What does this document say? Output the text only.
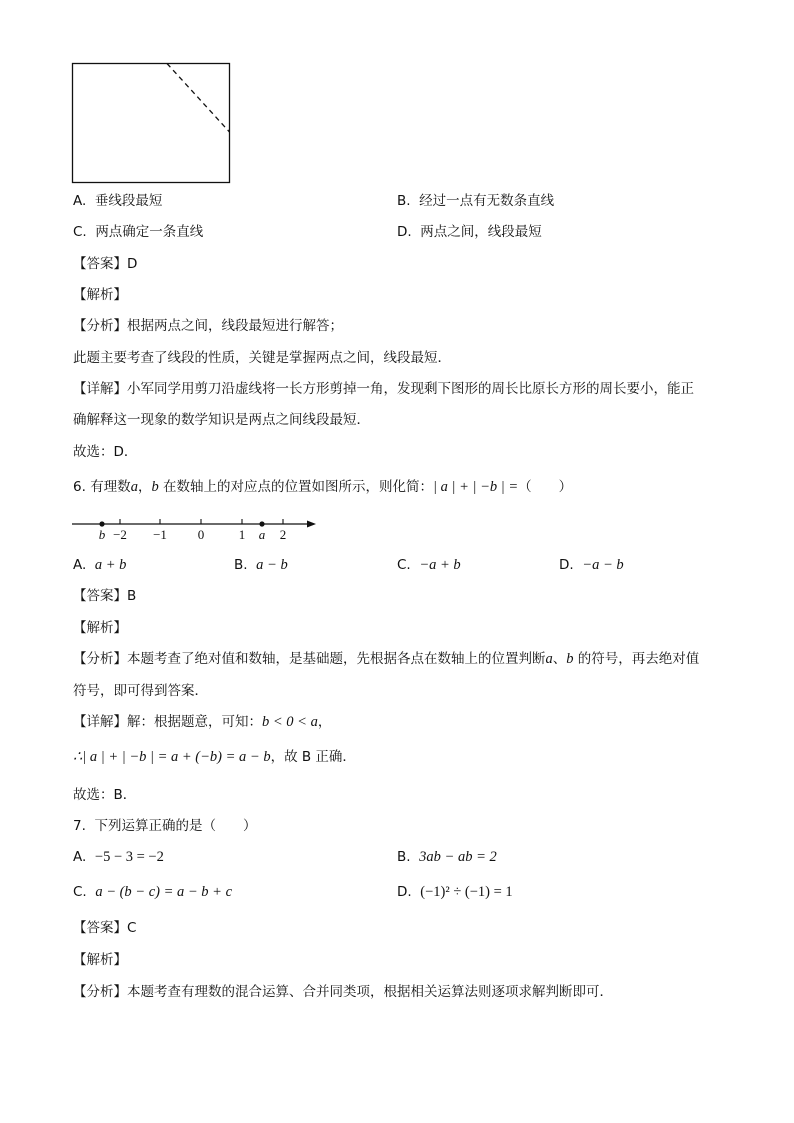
A. 垂线段最短	B. 经过一点有无数条直线
C. 两点确定一条直线	D. 两点之间，线段最短
【答案】D
【解析】
【分析】根据两点之间，线段最短进行解答；
此题主要考查了线段的性质，关键是掌握两点之间，线段最短．
【详解】小军同学用剪刀沿虚线将一长方形剪掉一角，发现剩下图形的周长比原长方形的周长要小，能正
确解释这一现象的数学知识是两点之间线段最短．
故选：D．
6. 有理数a，b 在数轴上的对应点的位置如图所示，则化简：| a | + | −b | =（　　）
b −2 −1 0	1 a 2
A. a + b	B. a − b	C. −a + b	D. −a − b
【答案】B
【解析】
【分析】本题考查了绝对值和数轴，是基础题，先根据各点在数轴上的位置判断a、b 的符号，再去绝对值
符号，即可得到答案．
【详解】解：根据题意，可知：b < 0 < a，
∴| a | + | −b | = a + (−b) = a − b，故 B 正确．
故选：B．
7. 下列运算正确的是（　　）
A. −5 − 3 = −2	B. 3ab − ab = 2
C. a − (b − c) = a − b + c	D. (−1)² ÷ (−1) = 1
【答案】C
【解析】
【分析】本题考查有理数的混合运算、合并同类项，根据相关运算法则逐项求解判断即可．
